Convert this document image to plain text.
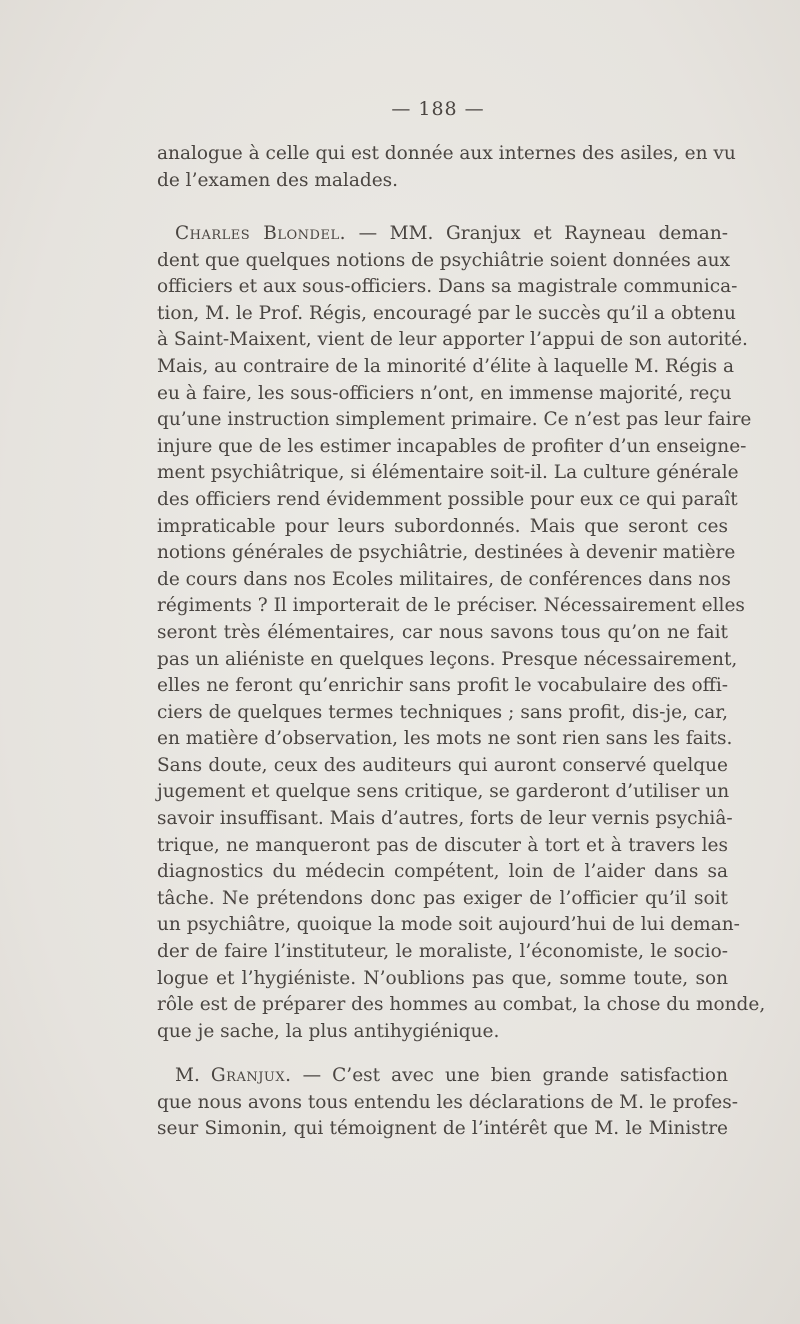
— 188 —
analogue à celle qui est donnée aux internes des asiles, en vu
de l’examen des malades.
Charles Blondel. — MM. Granjux et Rayneau deman-
dent que quelques notions de psychiâtrie soient données aux
officiers et aux sous-officiers. Dans sa magistrale communica-
tion, M. le Prof. Régis, encouragé par le succès qu’il a obtenu
à Saint-Maixent, vient de leur apporter l’appui de son autorité.
Mais, au contraire de la minorité d’élite à laquelle M. Régis a
eu à faire, les sous-officiers n’ont, en immense majorité, reçu
qu’une instruction simplement primaire. Ce n’est pas leur faire
injure que de les estimer incapables de profiter d’un enseigne-
ment psychiâtrique, si élémentaire soit-il. La culture générale
des officiers rend évidemment possible pour eux ce qui paraît
impraticable pour leurs subordonnés. Mais que seront ces
notions générales de psychiâtrie, destinées à devenir matière
de cours dans nos Ecoles militaires, de conférences dans nos
régiments ? Il importerait de le préciser. Nécessairement elles
seront très élémentaires, car nous savons tous qu’on ne fait
pas un aliéniste en quelques leçons. Presque nécessairement,
elles ne feront qu’enrichir sans profit le vocabulaire des offi-
ciers de quelques termes techniques ; sans profit, dis-je, car,
en matière d’observation, les mots ne sont rien sans les faits.
Sans doute, ceux des auditeurs qui auront conservé quelque
jugement et quelque sens critique, se garderont d’utiliser un
savoir insuffisant. Mais d’autres, forts de leur vernis psychiâ-
trique, ne manqueront pas de discuter à tort et à travers les
diagnostics du médecin compétent, loin de l’aider dans sa
tâche. Ne prétendons donc pas exiger de l’officier qu’il soit
un psychiâtre, quoique la mode soit aujourd’hui de lui deman-
der de faire l’instituteur, le moraliste, l’économiste, le socio-
logue et l’hygiéniste. N’oublions pas que, somme toute, son
rôle est de préparer des hommes au combat, la chose du monde,
que je sache, la plus antihygiénique.
M. Granjux. — C’est avec une bien grande satisfaction
que nous avons tous entendu les déclarations de M. le profes-
seur Simonin, qui témoignent de l’intérêt que M. le Ministre
